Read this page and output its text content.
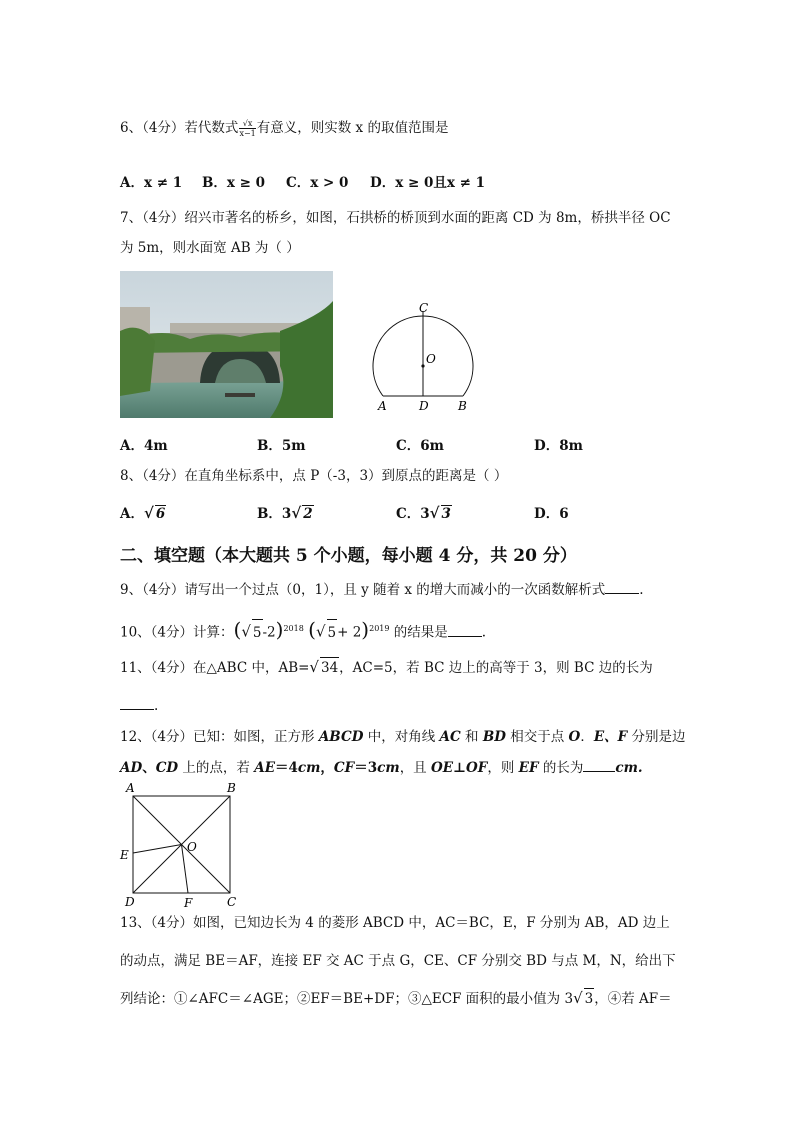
6、（4分）若代数式 $\frac{√x}{x-1}$ 有意义，则实数 x 的取值范围是
A．x ≠ 1 B．x ≥ 0 C．x > 0 D．x ≥ 0且x ≠ 1
7、（4分）绍兴市著名的桥乡，如图，石拱桥的桥顶到水面的距离 CD 为 8m，桥拱半径 OC
为 5m，则水面宽 AB 为（ ）
C
O
A	D B
A．4m	B．5m	C．6m	D．8m
8、（4分）在直角坐标系中，点 P（-3，3）到原点的距离是（ ）
A．√ 6	B．3√ 2	C．3√ 3	D．6
二、填空题（本大题共 5 个小题，每小题 4 分，共 20 分）
9、（4分）请写出一个过点（0，1），且 y 随着 x 的增大而减小的一次函数解析式	.
10、（4分）计算：(√ 5-2)$^{2018}$ (√ 5+ 2)$^{2019}$ 的结果是	.
11、（4分）在△ABC 中，AB=√ 34，AC=5，若 BC 边上的高等于 3，则 BC 边的长为
.
12、（4分）已知：如图，正方形 ABCD 中，对角线 AC 和 BD 相交于点 O．E、F 分别是边
AD、CD 上的点，若 AE＝4cm，CF＝3cm，且 OE⊥OF，则 EF 的长为 cm.
A	B
C
D
E
F
O
13、（4分）如图，已知边长为 4 的菱形 ABCD 中，AC＝BC，E，F 分别为 AB，AD 边上
的动点，满足 BE＝AF，连接 EF 交 AC 于点 G，CE、CF 分别交 BD 与点 M，N，给出下
列结论：①∠AFC＝∠AGE；②EF＝BE+DF；③△ECF 面积的最小值为 3√ 3，④若 AF＝
